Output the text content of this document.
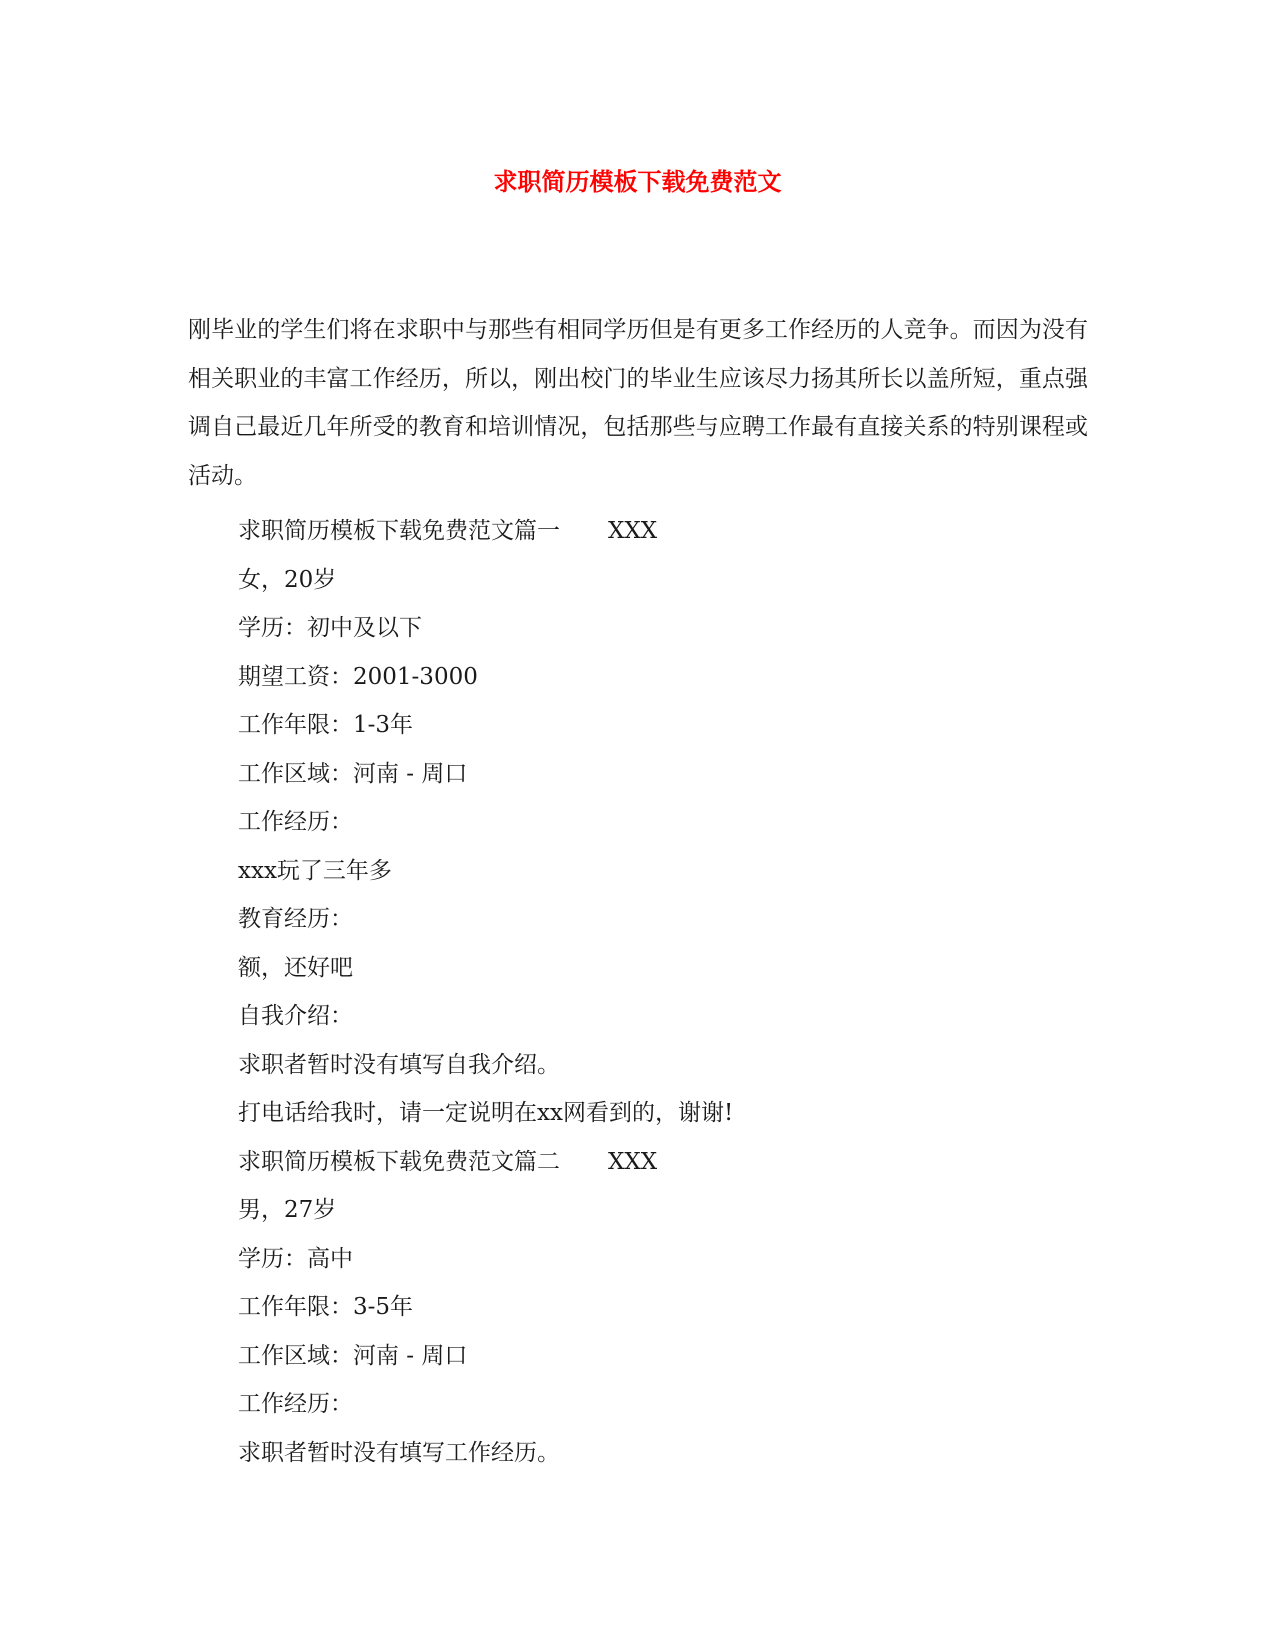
求职简历模板下载免费范文

刚毕业的学生们将在求职中与那些有相同学历但是有更多工作经历的人竞争。而因为没有相关职业的丰富工作经历，所以，刚出校门的毕业生应该尽力扬其所长以盖所短，重点强调自己最近几年所受的教育和培训情况，包括那些与应聘工作最有直接关系的特别课程或活动。

求职简历模板下载免费范文篇一 XXX
女，20岁
学历：初中及以下
期望工资：2001-3000
工作年限：1-3年
工作区域：河南 - 周口
工作经历：
xxx玩了三年多
教育经历：
额，还好吧
自我介绍：
求职者暂时没有填写自我介绍。
打电话给我时，请一定说明在xx网看到的，谢谢!
求职简历模板下载免费范文篇二 XXX
男，27岁
学历：高中
工作年限：3-5年
工作区域：河南 - 周口
工作经历：
求职者暂时没有填写工作经历。
